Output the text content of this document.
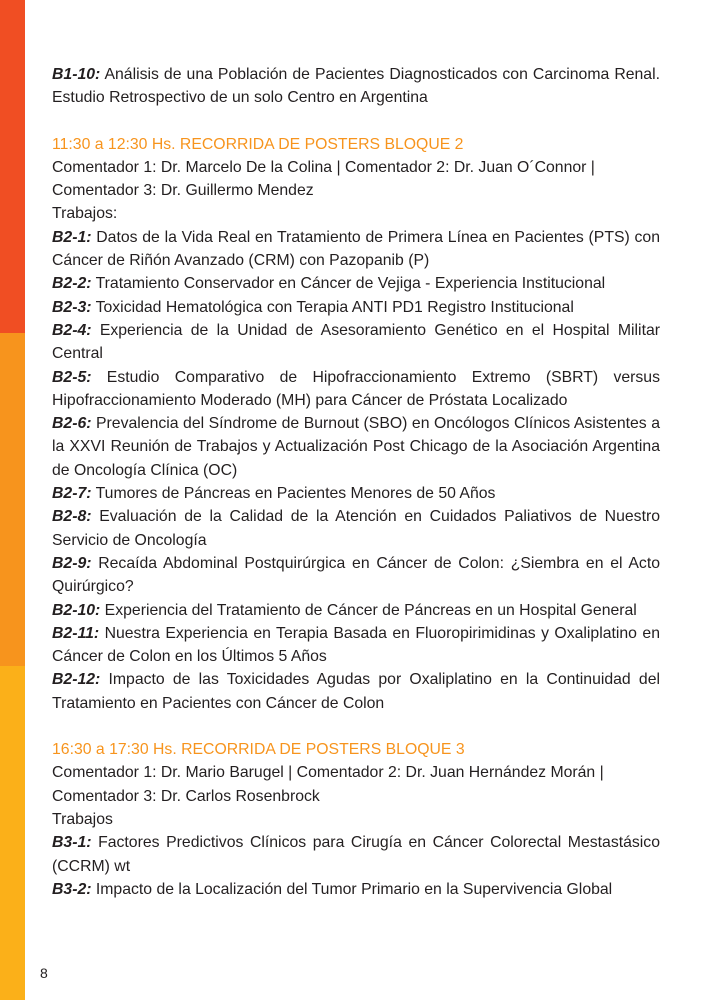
B1-10: Análisis de una Población de Pacientes Diagnosticados con Carcinoma Renal. Estudio Retrospectivo de un solo Centro en Argentina
11:30 a 12:30 Hs. RECORRIDA DE POSTERS BLOQUE 2
Comentador 1: Dr. Marcelo De la Colina | Comentador 2: Dr. Juan O´Connor | Comentador 3: Dr. Guillermo Mendez
Trabajos:
B2-1: Datos de la Vida Real en Tratamiento de Primera Línea en Pacientes (PTS) con Cáncer de Riñón Avanzado (CRM) con Pazopanib (P)
B2-2: Tratamiento Conservador en Cáncer de Vejiga - Experiencia Institucional
B2-3: Toxicidad Hematológica con Terapia ANTI PD1 Registro Institucional
B2-4: Experiencia de la Unidad de Asesoramiento Genético en el Hospital Militar Central
B2-5: Estudio Comparativo de Hipofraccionamiento Extremo (SBRT) versus Hipofraccionamiento Moderado (MH) para Cáncer de Próstata Localizado
B2-6: Prevalencia del Síndrome de Burnout (SBO) en Oncólogos Clínicos Asistentes a la XXVI Reunión de Trabajos y Actualización Post Chicago de la Asociación Argentina de Oncología Clínica (OC)
B2-7: Tumores de Páncreas en Pacientes Menores de 50 Años
B2-8: Evaluación de la Calidad de la Atención en Cuidados Paliativos de Nuestro Servicio de Oncología
B2-9: Recaída Abdominal Postquirúrgica en Cáncer de Colon: ¿Siembra en el Acto Quirúrgico?
B2-10: Experiencia del Tratamiento de Cáncer de Páncreas en un Hospital General
B2-11: Nuestra Experiencia en Terapia Basada en Fluoropirimidinas y Oxaliplatino en Cáncer de Colon en los Últimos 5 Años
B2-12: Impacto de las Toxicidades Agudas por Oxaliplatino en la Continuidad del Tratamiento en Pacientes con Cáncer de Colon
16:30 a 17:30 Hs. RECORRIDA DE POSTERS BLOQUE 3
Comentador 1: Dr. Mario Barugel | Comentador 2: Dr. Juan Hernández Morán | Comentador 3: Dr. Carlos Rosenbrock
Trabajos
B3-1: Factores Predictivos Clínicos para Cirugía en Cáncer Colorectal Mestastásico (CCRM) wt
B3-2: Impacto de la Localización del Tumor Primario en la Supervivencia Global
8
